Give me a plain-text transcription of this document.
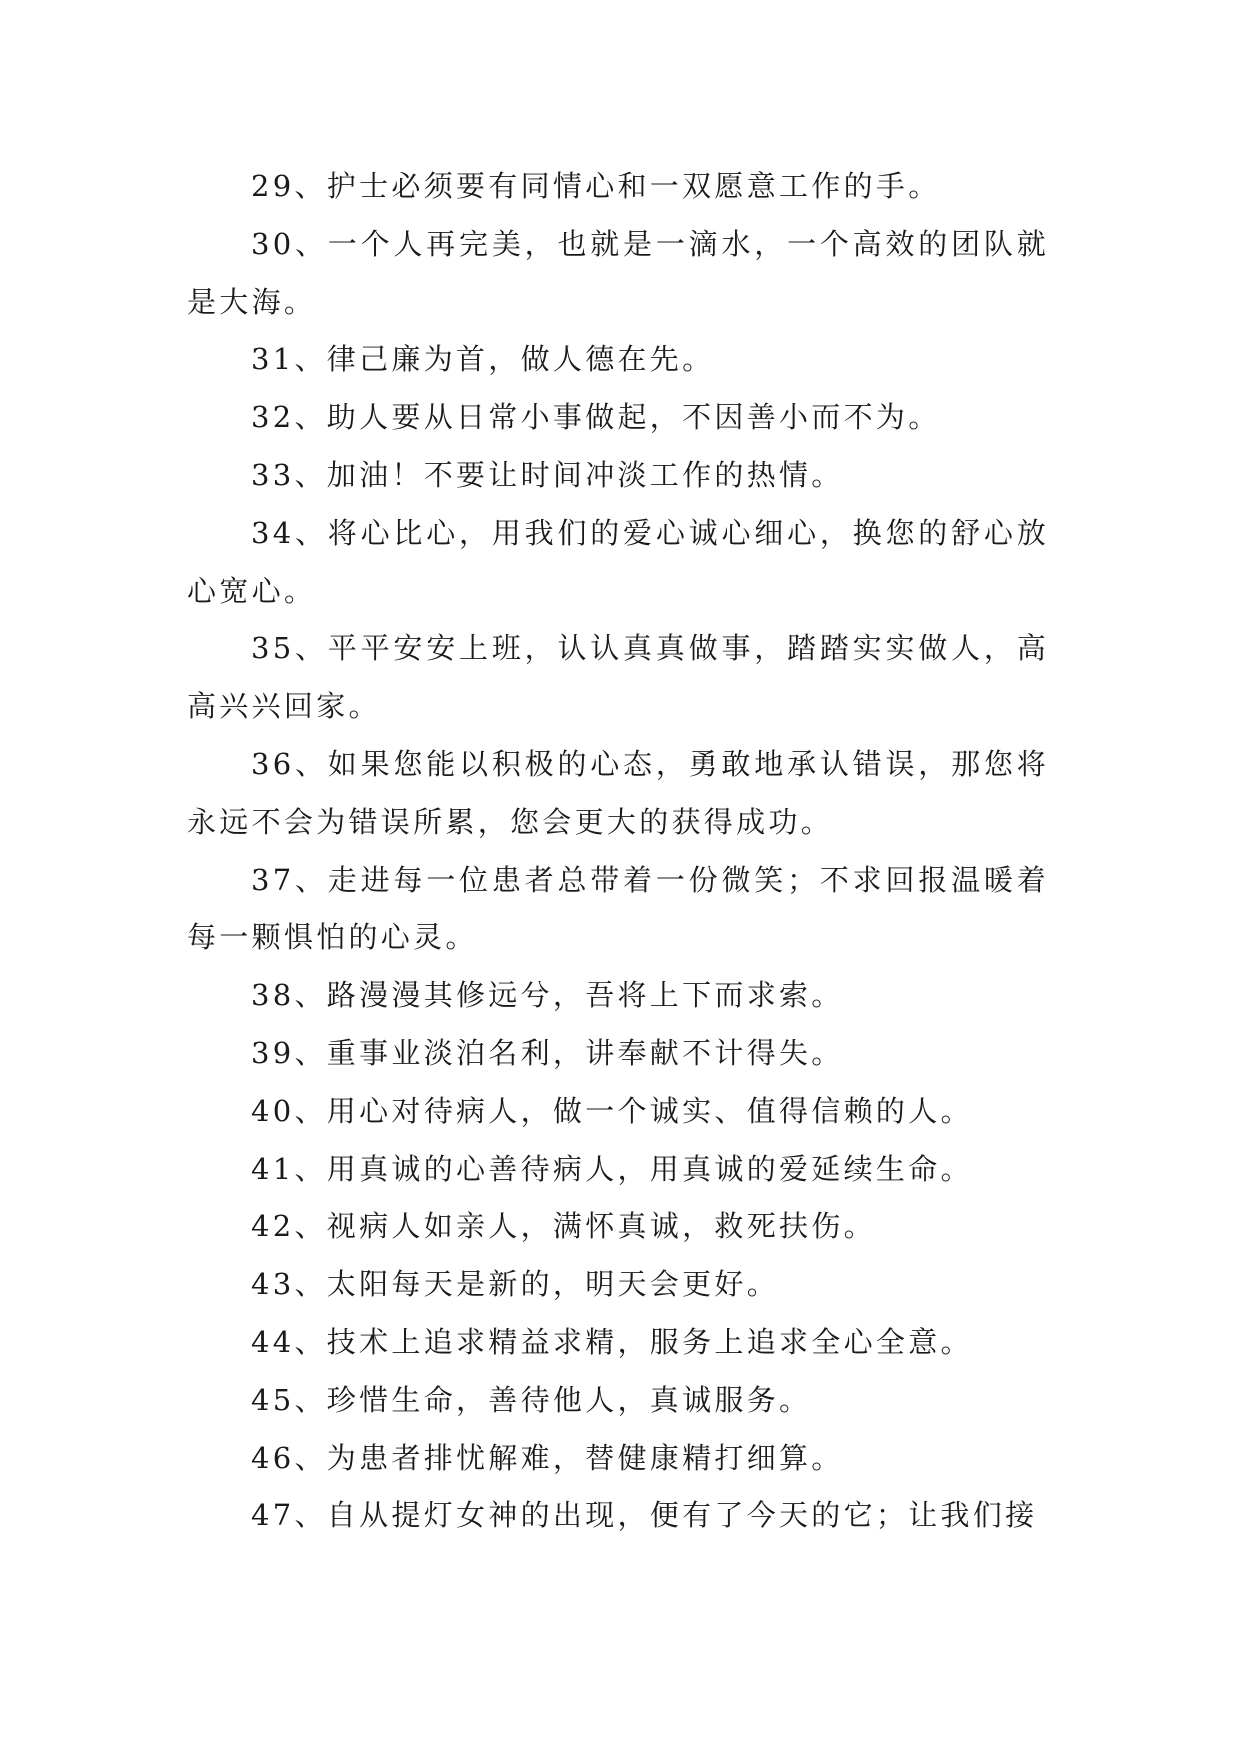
29、护士必须要有同情心和一双愿意工作的手。

30、一个人再完美，也就是一滴水，一个高效的团队就是大海。

31、律己廉为首，做人德在先。

32、助人要从日常小事做起，不因善小而不为。

33、加油！不要让时间冲淡工作的热情。

34、将心比心，用我们的爱心诚心细心，换您的舒心放心宽心。

35、平平安安上班，认认真真做事，踏踏实实做人，高高兴兴回家。

36、如果您能以积极的心态，勇敢地承认错误，那您将永远不会为错误所累，您会更大的获得成功。

37、走进每一位患者总带着一份微笑；不求回报温暖着每一颗惧怕的心灵。

38、路漫漫其修远兮，吾将上下而求索。

39、重事业淡泊名利，讲奉献不计得失。

40、用心对待病人，做一个诚实、值得信赖的人。

41、用真诚的心善待病人，用真诚的爱延续生命。

42、视病人如亲人，满怀真诚，救死扶伤。

43、太阳每天是新的，明天会更好。

44、技术上追求精益求精，服务上追求全心全意。

45、珍惜生命，善待他人，真诚服务。

46、为患者排忧解难，替健康精打细算。

47、自从提灯女神的出现，便有了今天的它；让我们接
